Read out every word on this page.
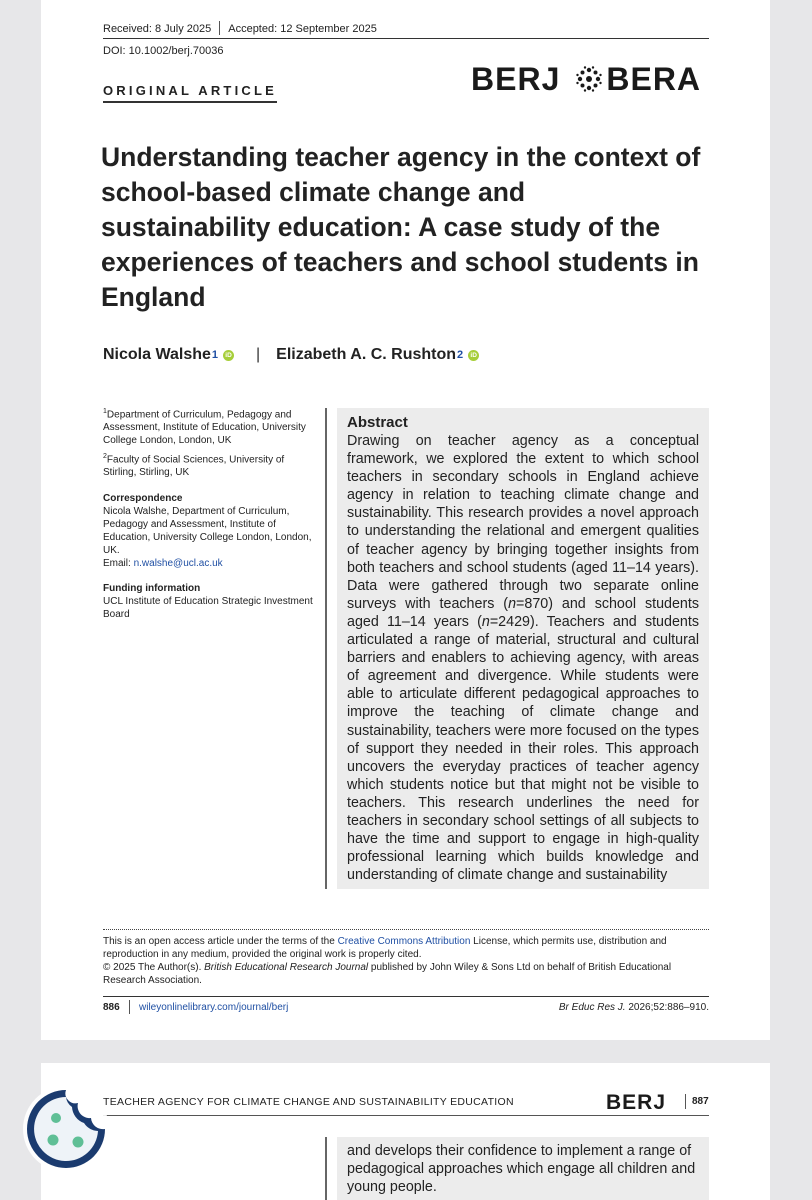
Received: 8 July 2025 Accepted: 12 September 2025
DOI: 10.1002/berj.70036
ORIGINAL ARTICLE	BERJ BERA
Understanding teacher agency in the context of school-based climate change and sustainability education: A case study of the experiences of teachers and school students in England
Nicola Walshe 1	iD | Elizabeth A. C. Rushton 2	iD
$^1$Department of Curriculum, Pedagogy and Assessment, Institute of Education, University College London, London, UK
$^2$Faculty of Social Sciences, University of Stirling, Stirling, UK
Correspondence
Nicola Walshe, Department of Curriculum, Pedagogy and Assessment, Institute of Education, University College London, London, UK.
Email: n.walshe@ucl.ac.uk
Funding information
UCL Institute of Education Strategic Investment Board
Abstract
Drawing on teacher agency as a conceptual framework, we explored the extent to which school teachers in secondary schools in England achieve agency in relation to teaching climate change and sustainability. This research provides a novel approach to understanding the relational and emergent qualities of teacher agency by bringing together insights from both teachers and school students (aged 11–14 years). Data were gathered through two separate online surveys with teachers (n=870) and school students aged 11–14 years (n=2429). Teachers and students articulated a range of material, structural and cultural barriers and enablers to achieving agency, with areas of agreement and divergence. While students were able to articulate different pedagogical approaches to improve the teaching of climate change and sustainability, teachers were more focused on the types of support they needed in their roles. This approach uncovers the everyday practices of teacher agency which students notice but that might not be visible to teachers. This research underlines the need for teachers in secondary school settings of all subjects to have the time and support to engage in high-quality professional learning which builds knowledge and understanding of climate change and sustainability
This is an open access article under the terms of the Creative Commons Attribution License, which permits use, distribution and reproduction in any medium, provided the original work is properly cited.
© 2025 The Author(s). British Educational Research Journal published by John Wiley & Sons Ltd on behalf of British Educational Research Association.
886 wileyonlinelibrary.com/journal/berj	Br Educ Res J. 2026;52:886–910.
TEACHER AGENCY FOR CLIMATE CHANGE AND SUSTAINABILITY EDUCATION	BERJ	887
and develops their confidence to implement a range of pedagogical approaches which engage all children and young people.
